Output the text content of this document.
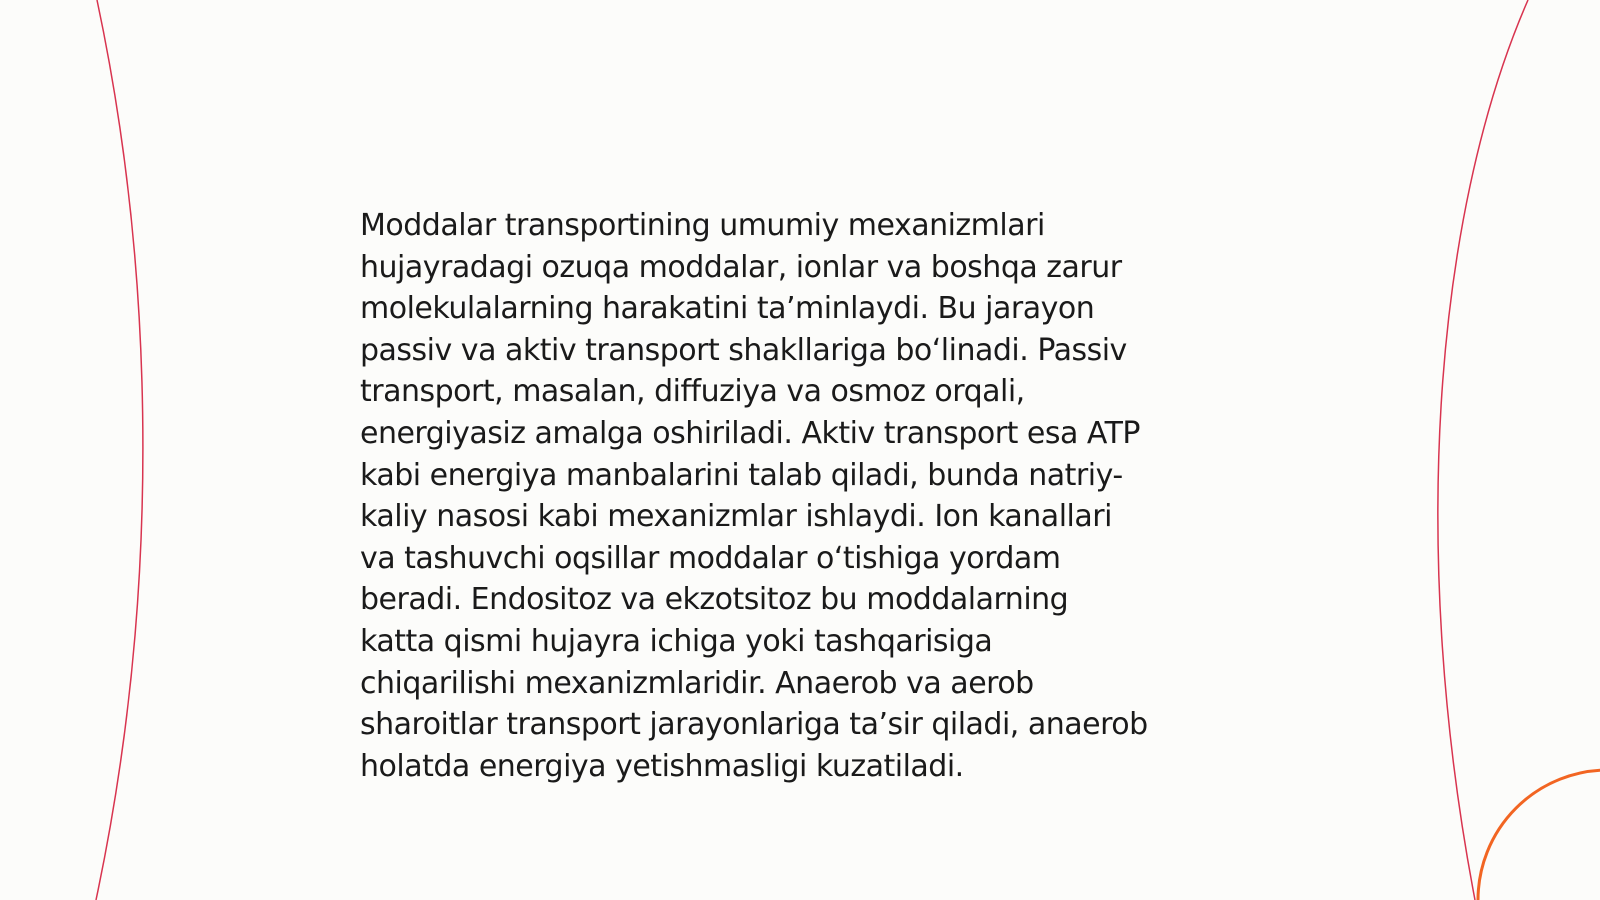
Moddalar transportining umumiy mexanizmlari
hujayradagi ozuqa moddalar, ionlar va boshqa zarur
molekulalarning harakatini ta’minlaydi. Bu jarayon
passiv va aktiv transport shakllariga bo‘linadi. Passiv
transport, masalan, diffuziya va osmoz orqali,
energiyasiz amalga oshiriladi. Aktiv transport esa ATP
kabi energiya manbalarini talab qiladi, bunda natriy-
kaliy nasosi kabi mexanizmlar ishlaydi. Ion kanallari
va tashuvchi oqsillar moddalar o‘tishiga yordam
beradi. Endositoz va ekzotsitoz bu moddalarning
katta qismi hujayra ichiga yoki tashqarisiga
chiqarilishi mexanizmlaridir. Anaerob va aerob
sharoitlar transport jarayonlariga ta’sir qiladi, anaerob
holatda energiya yetishmasligi kuzatiladi.
